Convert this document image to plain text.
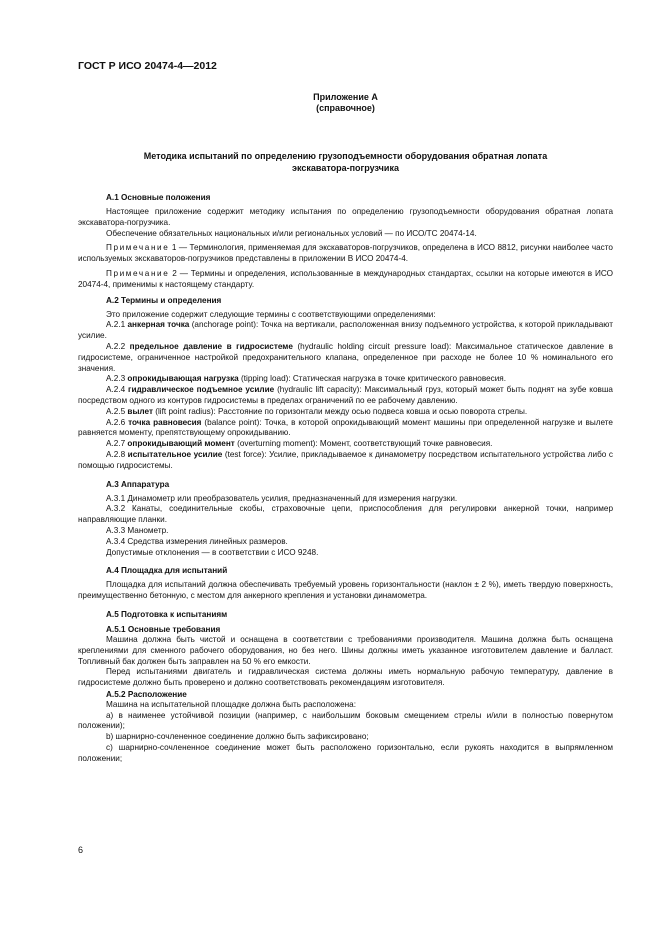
ГОСТ Р ИСО 20474-4—2012
Приложение А
(справочное)
Методика испытаний по определению грузоподъемности оборудования обратная лопата
экскаватора-погрузчика
А.1 Основные положения

Настоящее приложение содержит методику испытания по определению грузоподъемности оборудования обратная лопата экскаватора-погрузчика.

Обеспечение обязательных национальных и/или региональных условий — по ИСО/ТС 20474-14.

Примечание 1 — Терминология, применяемая для экскаваторов-погрузчиков, определена в ИСО 8812, рисунки наиболее часто используемых экскаваторов-погрузчиков представлены в приложении В ИСО 20474-4.

Примечание 2 — Термины и определения, использованные в международных стандартах, ссылки на которые имеются в ИСО 20474-4, применимы к настоящему стандарту.

А.2 Термины и определения

Это приложение содержит следующие термины с соответствующими определениями:

А.2.1 анкерная точка (anchorage point): Точка на вертикали, расположенная внизу подъемного устройства, к которой прикладывают усилие.

А.2.2 предельное давление в гидросистеме (hydraulic holding circuit pressure load): Максимальное статическое давление в гидросистеме, ограниченное настройкой предохранительного клапана, определенное при расходе не более 10 % номинального его значения.

А.2.3 опрокидывающая нагрузка (tipping load): Статическая нагрузка в точке критического равновесия.

А.2.4 гидравлическое подъемное усилие (hydraulic lift capacity): Максимальный груз, который может быть поднят на зубе ковша посредством одного из контуров гидросистемы в пределах ограничений по ее рабочему давлению.

А.2.5 вылет (lift point radius): Расстояние по горизонтали между осью подвеса ковша и осью поворота стрелы.

А.2.6 точка равновесия (balance point): Точка, в которой опрокидывающий момент машины при определенной нагрузке и вылете равняется моменту, препятствующему опрокидыванию.

А.2.7 опрокидывающий момент (overturning moment): Момент, соответствующий точке равновесия.

А.2.8 испытательное усилие (test force): Усилие, прикладываемое к динамометру посредством испытательного устройства либо с помощью гидросистемы.

А.3 Аппаратура

А.3.1 Динамометр или преобразователь усилия, предназначенный для измерения нагрузки.

А.3.2 Канаты, соединительные скобы, страховочные цепи, приспособления для регулировки анкерной точки, например направляющие планки.

А.3.3 Манометр.

А.3.4 Средства измерения линейных размеров.

Допустимые отклонения — в соответствии с ИСО 9248.

А.4 Площадка для испытаний

Площадка для испытаний должна обеспечивать требуемый уровень горизонтальности (наклон ± 2 %), иметь твердую поверхность, преимущественно бетонную, с местом для анкерного крепления и установки динамометра.

А.5 Подготовка к испытаниям
А.5.1 Основные требования

Машина должна быть чистой и оснащена в соответствии с требованиями производителя. Машина должна быть оснащена креплениями для сменного рабочего оборудования, но без него. Шины должны иметь указанное изготовителем давление и балласт. Топливный бак должен быть заправлен на 50 % его емкости.

Перед испытаниями двигатель и гидравлическая система должны иметь нормальную рабочую температуру, давление в гидросистеме должно быть проверено и должно соответствовать рекомендациям изготовителя.

А.5.2 Расположение

Машина на испытательной площадке должна быть расположена:

а) в наименее устойчивой позиции (например, с наибольшим боковым смещением стрелы и/или в полностью повернутом положении);

b) шарнирно-сочлененное соединение должно быть зафиксировано;

c) шарнирно-сочлененное соединение может быть расположено горизонтально, если рукоять находится в выпрямленном положении;

6
